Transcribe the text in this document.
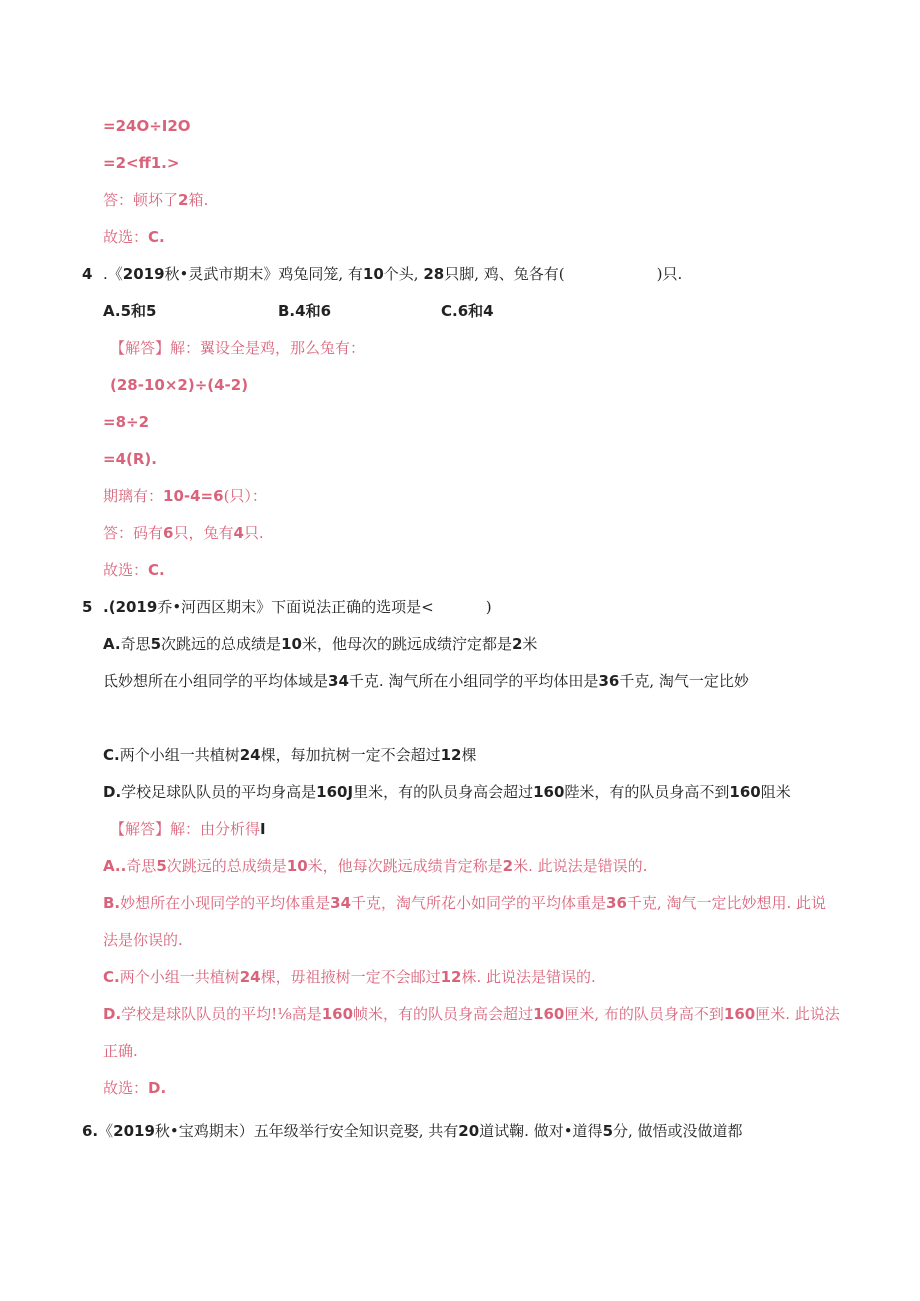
=24O÷I2O
=2<ff1.>
答：顿坏了2箱.
故选：C.
4 .《2019秋•灵武市期末》鸡兔同笼, 有10个头, 28只脚, 鸡、兔各有(	)只.
A.5和5	B.4和6	C.6和4
【解答】解：翼设全是鸡，那么兔有：
(28-10×2)÷(4-2)
=8÷2
=4(R).
期璃有：10-4=6(只）：
答：码有6只，兔有4只.
故选：C.
5 .(2019乔•河西区期末》下面说法正确的选项是<	)
A.奇思5次跳远的总成绩是10米，他母次的跳远成绩泞定都是2米
氐妙想所在小组同学的平均体域是34千克. 淘气所在小组同学的平均体田是36千克, 淘气一定比妙
C.两个小组一共植树24棵，每加抗树一定不会超过12棵
D.学校足球队队员的平均身高是160J里米，有的队员身高会超过160陛米，有的队员身高不到160阻米
【解答】解：由分析得I
A..奇思5次跳远的总成绩是10米，他每次跳远成绩肯定称是2米. 此说法是错误的.
B.妙想所在小现同学的平均体重是34千克，淘气所花小如同学的平均体重是36千克, 淘气一定比妙想用. 此说
法是你误的.
C.两个小组一共植树24棵，毋祖掖树一定不会邮过12株. 此说法是错误的.
D.学校是球队队员的平均!⅛高是160帧米，有的队员身高会超过160匣米, 布的队员身高不到160匣米. 此说法
正确.
故选：D.
6.《2019秋•宝鸡期末）五年级举行安全知识竞娶, 共有20道试鞠. 做对•道得5分, 做悟或没做道都
